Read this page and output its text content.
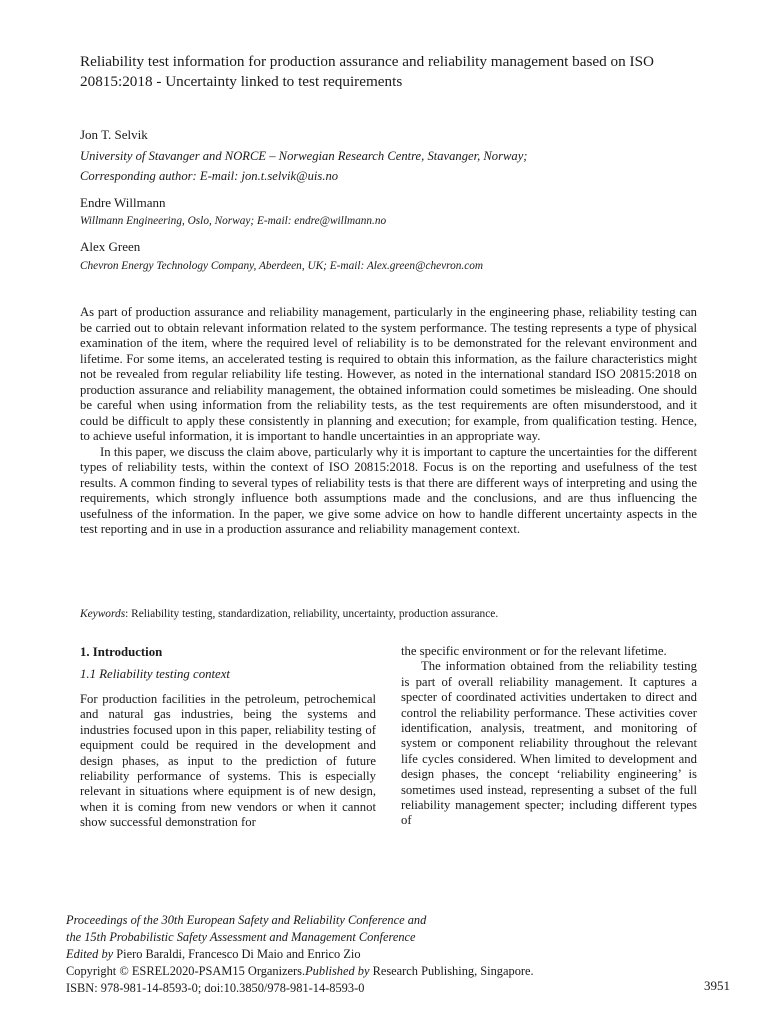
Reliability test information for production assurance and reliability management based on ISO 20815:2018 - Uncertainty linked to test requirements
Jon T. Selvik
University of Stavanger and NORCE – Norwegian Research Centre, Stavanger, Norway;
Corresponding author: E-mail: jon.t.selvik@uis.no
Endre Willmann
Willmann Engineering, Oslo, Norway; E-mail: endre@willmann.no
Alex Green
Chevron Energy Technology Company, Aberdeen, UK; E-mail: Alex.green@chevron.com

As part of production assurance and reliability management, particularly in the engineering phase, reliability testing can be carried out to obtain relevant information related to the system performance. The testing represents a type of physical examination of the item, where the required level of reliability is to be demonstrated for the relevant environment and lifetime. For some items, an accelerated testing is required to obtain this information, as the failure characteristics might not be revealed from regular reliability life testing. However, as noted in the international standard ISO 20815:2018 on production assurance and reliability management, the obtained information could sometimes be misleading. One should be careful when using information from the reliability tests, as the test requirements are often misunderstood, and it could be difficult to apply these consistently in planning and execution; for example, from qualification testing. Hence, to achieve useful information, it is important to handle uncertainties in an appropriate way.

In this paper, we discuss the claim above, particularly why it is important to capture the uncertainties for the different types of reliability tests, within the context of ISO 20815:2018. Focus is on the reporting and usefulness of the test results. A common finding to several types of reliability tests is that there are different ways of interpreting and using the requirements, which strongly influence both assumptions made and the conclusions, and are thus influencing the usefulness of the information. In the paper, we give some advice on how to handle different uncertainty aspects in the test reporting and in use in a production assurance and reliability management context.

Keywords: Reliability testing, standardization, reliability, uncertainty, production assurance.
1. Introduction
1.1 Reliability testing context

For production facilities in the petroleum, petrochemical and natural gas industries, being the systems and industries focused upon in this paper, reliability testing of equipment could be required in the development and design phases, as input to the prediction of future reliability performance of systems. This is especially relevant in situations where equipment is of new design, when it is coming from new vendors or when it cannot show successful demonstration for

the specific environment or for the relevant lifetime.

The information obtained from the reliability testing is part of overall reliability management. It captures a specter of coordinated activities undertaken to direct and control the reliability performance. These activities cover identification, analysis, treatment, and monitoring of system or component reliability throughout the relevant life cycles considered. When limited to development and design phases, the concept ‘reliability engineering’ is sometimes used instead, representing a subset of the full reliability management specter; including different types of

Proceedings of the 30th European Safety and Reliability Conference and
the 15th Probabilistic Safety Assessment and Management Conference
Edited by Piero Baraldi, Francesco Di Maio and Enrico Zio
Copyright © ESREL2020-PSAM15 Organizers.Published by Research Publishing, Singapore.
ISBN: 978-981-14-8593-0; doi:10.3850/978-981-14-8593-0	3951
